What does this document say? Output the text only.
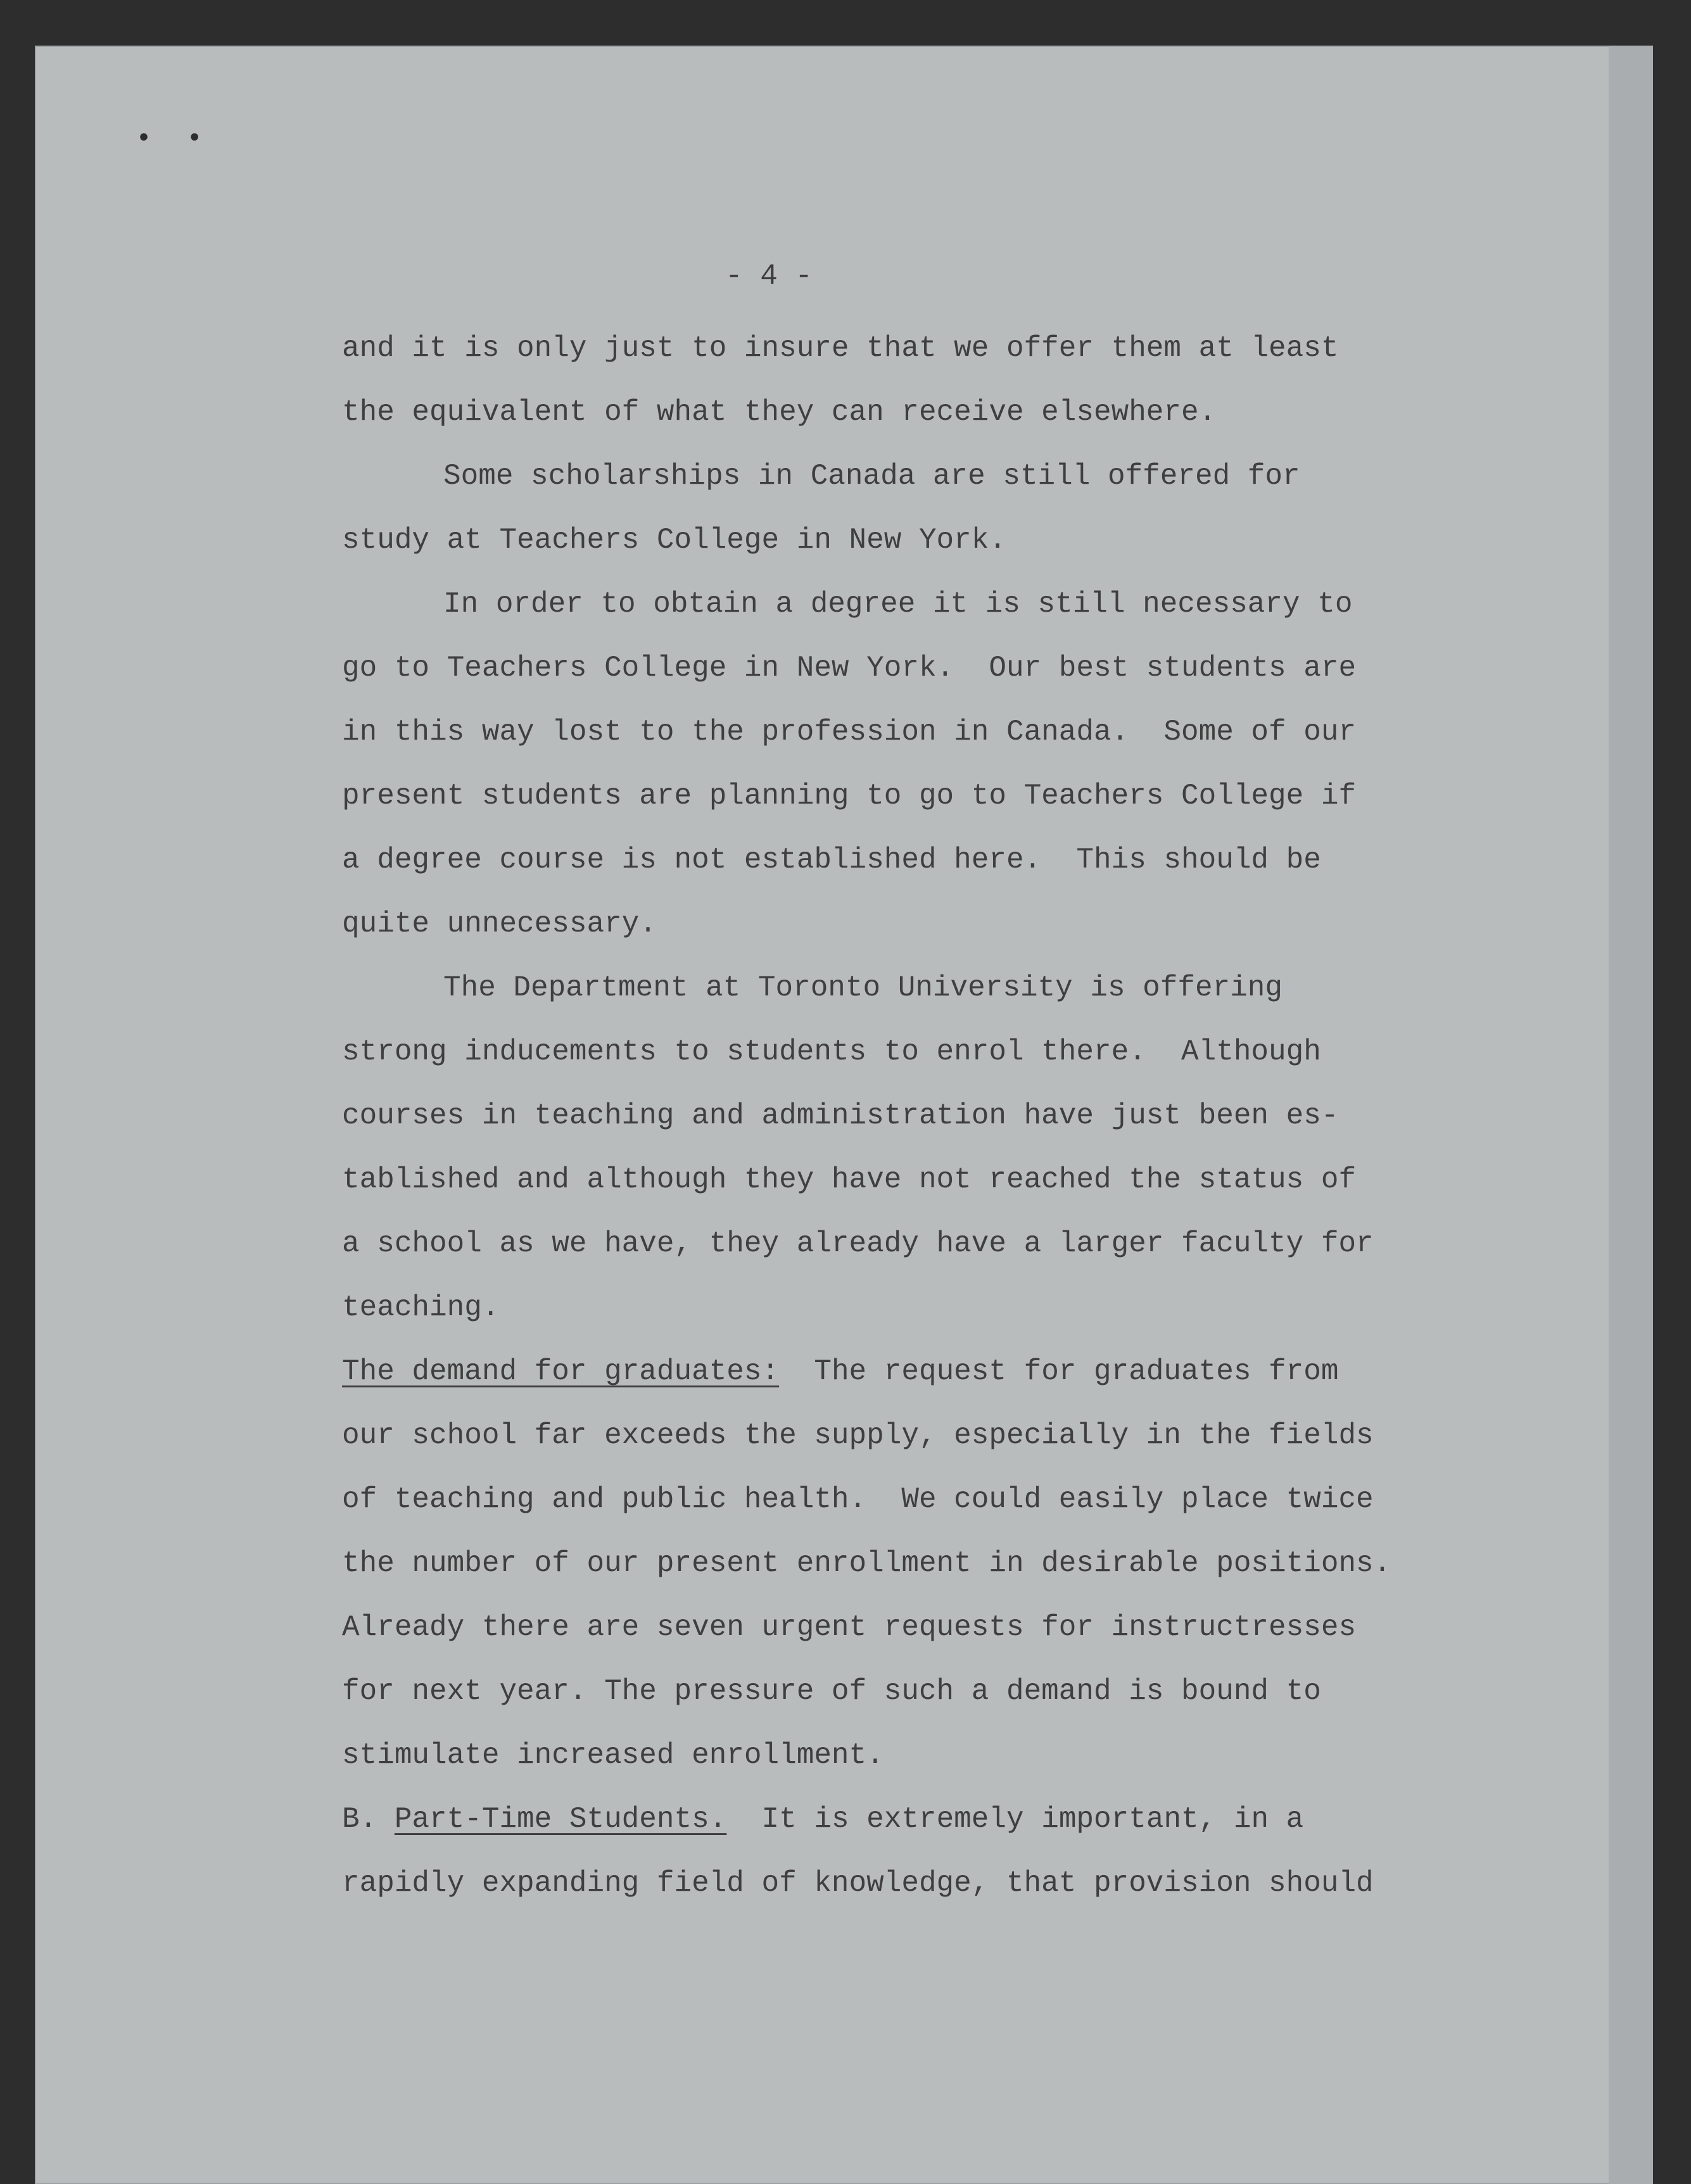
• •
- 4 -
and it is only just to insure that we offer them at least
the equivalent of what they can receive elsewhere.
Some scholarships in Canada are still offered for
study at Teachers College in New York.
In order to obtain a degree it is still necessary to
go to Teachers College in New York.  Our best students are
in this way lost to the profession in Canada.  Some of our
present students are planning to go to Teachers College if
a degree course is not established here.  This should be
quite unnecessary.
The Department at Toronto University is offering
strong inducements to students to enrol there.  Although
courses in teaching and administration have just been es-
tablished and although they have not reached the status of
a school as we have, they already have a larger faculty for
teaching.
The demand for graduates:  The request for graduates from
our school far exceeds the supply, especially in the fields
of teaching and public health.  We could easily place twice
the number of our present enrollment in desirable positions.
Already there are seven urgent requests for instructresses
for next year. The pressure of such a demand is bound to
stimulate increased enrollment.
B. Part-Time Students.  It is extremely important, in a
rapidly expanding field of knowledge, that provision should
